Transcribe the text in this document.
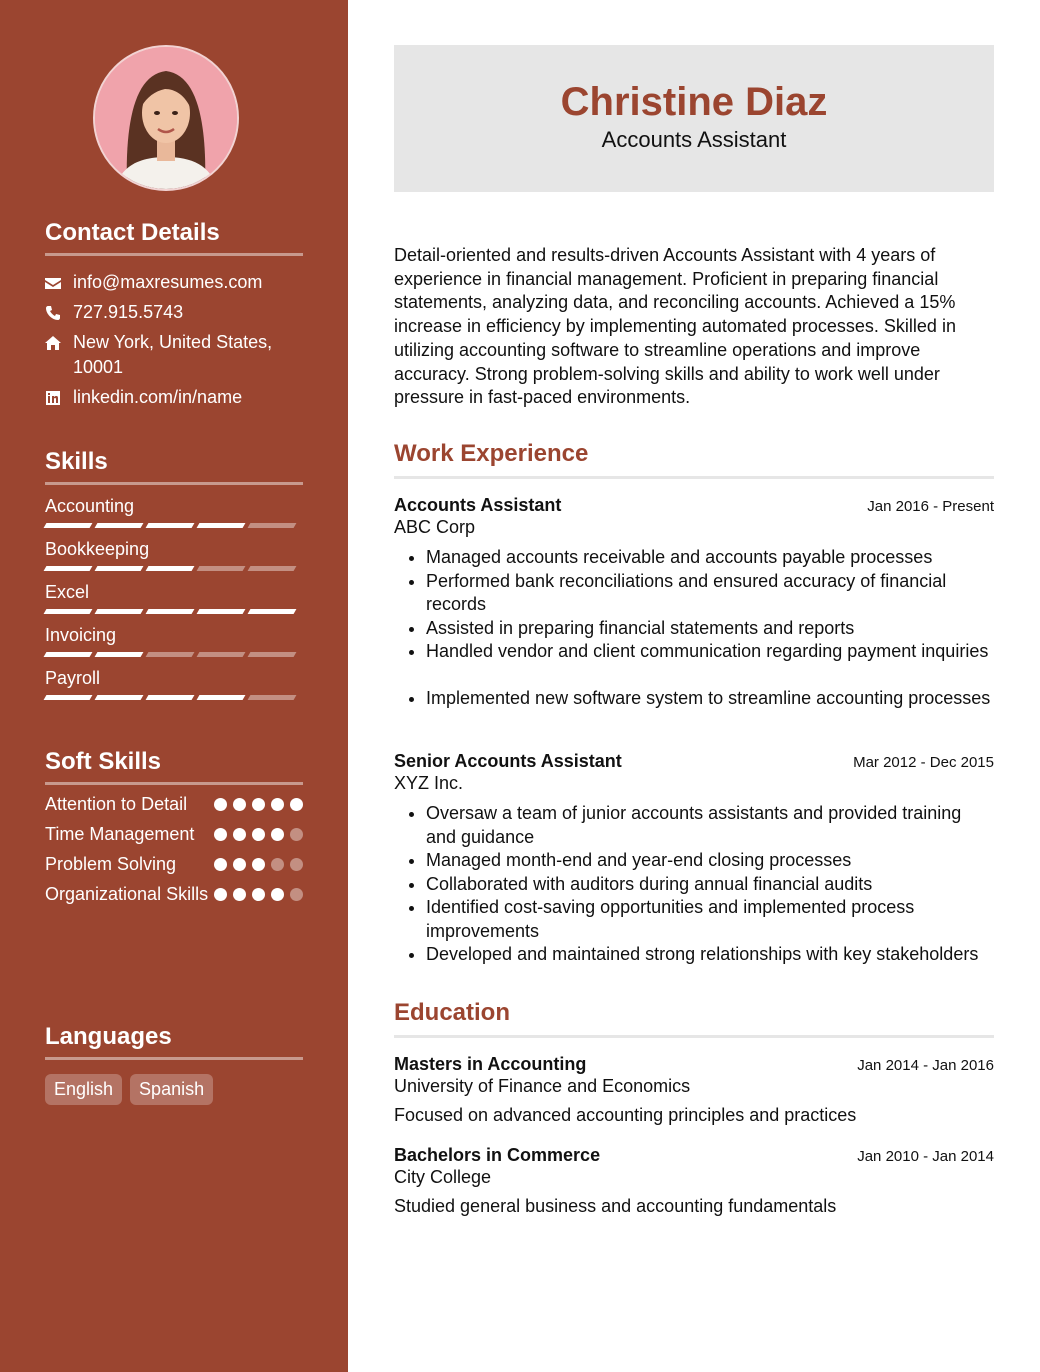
Contact Details
info@maxresumes.com
727.915.5743
New York, United States, 10001
linkedin.com/in/name
Skills
Accounting
Bookkeeping
Excel
Invoicing
Payroll
Soft Skills
Attention to Detail
Time Management
Problem Solving
Organizational Skills
Languages
English	Spanish
Christine Diaz
Accounts Assistant

Detail-oriented and results-driven Accounts Assistant with 4 years of experience in financial management. Proficient in preparing financial statements, analyzing data, and reconciling accounts. Achieved a 15% increase in efficiency by implementing automated processes. Skilled in utilizing accounting software to streamline operations and improve accuracy. Strong problem-solving skills and ability to work well under pressure in fast-paced environments.

Work Experience
Accounts Assistant	Jan 2016 - Present
ABC Corp
• Managed accounts receivable and accounts payable processes
• Performed bank reconciliations and ensured accuracy of financial records
• Assisted in preparing financial statements and reports
• Handled vendor and client communication regarding payment inquiries
• Implemented new software system to streamline accounting processes
Senior Accounts Assistant	Mar 2012 - Dec 2015
XYZ Inc.
• Oversaw a team of junior accounts assistants and provided training and guidance
• Managed month-end and year-end closing processes
• Collaborated with auditors during annual financial audits
• Identified cost-saving opportunities and implemented process improvements
• Developed and maintained strong relationships with key stakeholders
Education
Masters in Accounting	Jan 2014 - Jan 2016
University of Finance and Economics
Focused on advanced accounting principles and practices
Bachelors in Commerce	Jan 2010 - Jan 2014
City College
Studied general business and accounting fundamentals
